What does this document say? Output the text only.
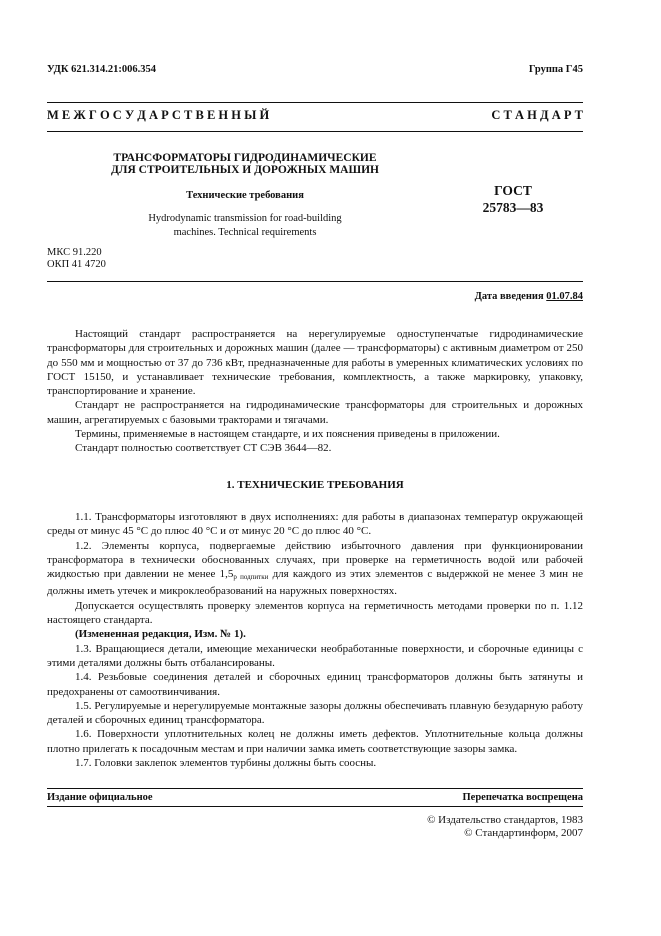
УДК 621.314.21:006.354	Группа Г45
М Е Ж Г О С У Д А Р С Т В Е Н Н Ы Й	С Т А Н Д А Р Т
ТРАНСФОРМАТОРЫ ГИДРОДИНАМИЧЕСКИЕ
ДЛЯ СТРОИТЕЛЬНЫХ И ДОРОЖНЫХ МАШИН
Технические требования
Hydrodynamic transmission for road-building
machines. Technical requirements
ГОСТ
25783—83
МКС 91.220
ОКП 41 4720
Дата введения 01.07.84

Настоящий стандарт распространяется на нерегулируемые одноступенчатые гидродинамические трансформаторы для строительных и дорожных машин (далее — трансформаторы) с активным диаметром от 250 до 550 мм и мощностью от 37 до 736 кВт, предназначенные для работы в умеренных климатических условиях по ГОСТ 15150, и устанавливает технические требования, комплектность, а также маркировку, упаковку, транспортирование и хранение.

Стандарт не распространяется на гидродинамические трансформаторы для строительных и дорожных машин, агрегатируемых с базовыми тракторами и тягачами.

Термины, применяемые в настоящем стандарте, и их пояснения приведены в приложении.

Стандарт полностью соответствует СТ СЭВ 3644—82.

1. ТЕХНИЧЕСКИЕ ТРЕБОВАНИЯ

1.1. Трансформаторы изготовляют в двух исполнениях: для работы в диапазонах температур окружающей среды от минус 45 °С до плюс 40 °С и от минус 20 °С до плюс 40 °С.

1.2. Элементы корпуса, подвергаемые действию избыточного давления при функционировании трансформатора в технически обоснованных случаях, при проверке на герметичность водой или рабочей жидкостью при давлении не менее $1,5_{р подпитки}$ для каждого из этих элементов с выдержкой не менее 3 мин не должны иметь утечек и микроклеобразований на наружных поверхностях.

Допускается осуществлять проверку элементов корпуса на герметичность методами проверки по п. 1.12 настоящего стандарта.

(Измененная редакция, Изм. № 1).

1.3. Вращающиеся детали, имеющие механически необработанные поверхности, и сборочные единицы с этими деталями должны быть отбалансированы.

1.4. Резьбовые соединения деталей и сборочных единиц трансформаторов должны быть затянуты и предохранены от самоотвинчивания.

1.5. Регулируемые и нерегулируемые монтажные зазоры должны обеспечивать плавную безударную работу деталей и сборочных единиц трансформатора.

1.6. Поверхности уплотнительных колец не должны иметь дефектов. Уплотнительные кольца должны плотно прилегать к посадочным местам и при наличии замка иметь соответствующие зазоры замка.

1.7. Головки заклепок элементов турбины должны быть соосны.

Издание официальное	Перепечатка воспрещена
© Издательство стандартов, 1983
© Стандартинформ, 2007
